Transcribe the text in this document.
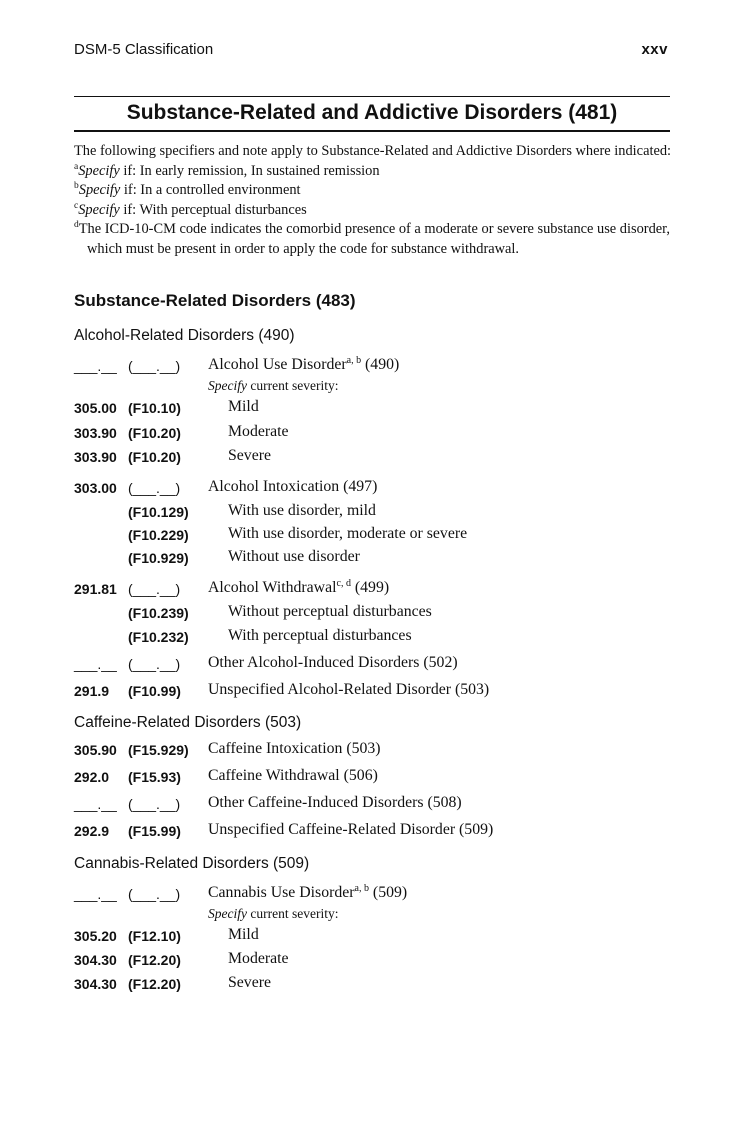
DSM-5 Classification	xxv
Substance-Related and Addictive Disorders (481)

The following specifiers and note apply to Substance-Related and Addictive Disorders where indicated:

$^a$Specify if: In early remission, In sustained remission

$^b$Specify if: In a controlled environment

$^c$Specify if: With perceptual disturbances

$^d$The ICD-10-CM code indicates the comorbid presence of a moderate or severe substance use disorder, which must be present in order to apply the code for substance withdrawal.

Substance-Related Disorders (483)
Alcohol-Related Disorders (490)
___.__ (___.__) Alcohol Use Disorder$^{a, b}$ (490)
Specify current severity:
305.00 (F10.10)	Mild
303.90 (F10.20)	Moderate
303.90 (F10.20)	Severe
303.00 (___.__) Alcohol Intoxication (497)
(F10.129) With use disorder, mild
(F10.229) With use disorder, moderate or severe
(F10.929) Without use disorder
291.81 (___.__) Alcohol Withdrawal$^{c, d}$ (499)
(F10.239) Without perceptual disturbances
(F10.232) With perceptual disturbances
___.__ (___.__) Other Alcohol-Induced Disorders (502)
291.9 (F10.99) Unspecified Alcohol-Related Disorder (503)
Caffeine-Related Disorders (503)
305.90 (F15.929) Caffeine Intoxication (503)
292.0 (F15.93) Caffeine Withdrawal (506)
___.__ (___.__) Other Caffeine-Induced Disorders (508)
292.9 (F15.99) Unspecified Caffeine-Related Disorder (509)
Cannabis-Related Disorders (509)
___.__ (___.__) Cannabis Use Disorder$^{a, b}$ (509)
Specify current severity:
305.20 (F12.10)	Mild
304.30 (F12.20)	Moderate
304.30 (F12.20)	Severe
